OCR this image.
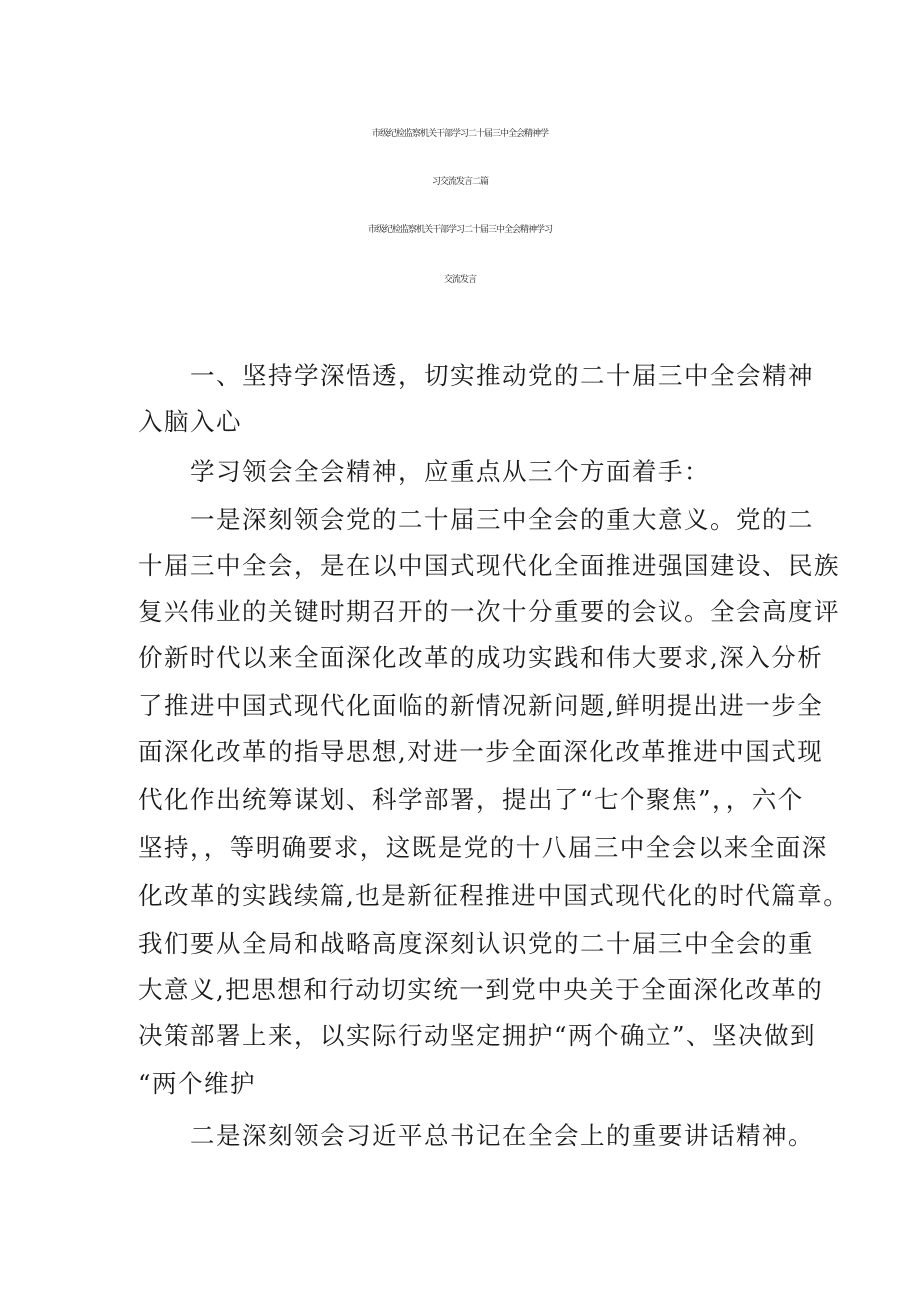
市级纪检监察机关干部学习二十届三中全会精神学
习交流发言二篇
市级纪检监察机关干部学习二十届三中全会精神学习
交流发言
一、坚持学深悟透，切实推动党的二十届三中全会精神
入脑入心
学习领会全会精神，应重点从三个方面着手：
一是深刻领会党的二十届三中全会的重大意义。党的二
十届三中全会，是在以中国式现代化全面推进强国建设、民族
复兴伟业的关键时期召开的一次十分重要的会议。全会高度评
价新时代以来全面深化改革的成功实践和伟大要求,深入分析
了推进中国式现代化面临的新情况新问题,鲜明提出进一步全
面深化改革的指导思想,对进一步全面深化改革推进中国式现
代化作出统筹谋划、科学部署，提出了“七个聚焦”，，六个
坚持，，等明确要求，这既是党的十八届三中全会以来全面深
化改革的实践续篇,也是新征程推进中国式现代化的时代篇章。
我们要从全局和战略高度深刻认识党的二十届三中全会的重
大意义,把思想和行动切实统一到党中央关于全面深化改革的
决策部署上来，以实际行动坚定拥护“两个确立”、坚决做到
“两个维护
二是深刻领会习近平总书记在全会上的重要讲话精神。
